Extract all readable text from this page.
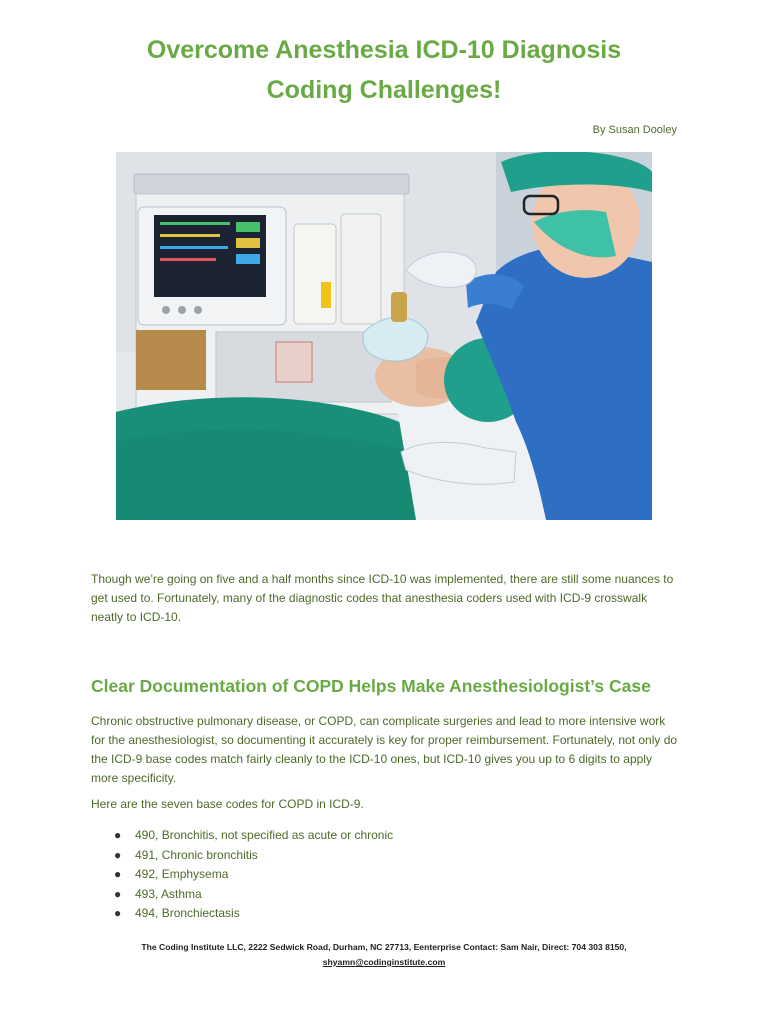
Overcome Anesthesia ICD-10 Diagnosis
Coding Challenges!
By Susan Dooley

Though we’re going on five and a half months since ICD-10 was implemented, there are still some nuances to get used to. Fortunately, many of the diagnostic codes that anesthesia coders used with ICD-9 crosswalk neatly to ICD-10.

Clear Documentation of COPD Helps Make Anesthesiologist’s Case

Chronic obstructive pulmonary disease, or COPD, can complicate surgeries and lead to more intensive work for the anesthesiologist, so documenting it accurately is key for proper reimbursement. Fortunately, not only do the ICD-9 base codes match fairly cleanly to the ICD-10 ones, but ICD-10 gives you up to 6 digits to apply more specificity.

Here are the seven base codes for COPD in ICD-9.

● 490, Bronchitis, not specified as acute or chronic
● 491, Chronic bronchitis
● 492, Emphysema
● 493, Asthma
● 494, Bronchiectasis
The Coding Institute LLC, 2222 Sedwick Road, Durham, NC 27713, Eenterprise Contact: Sam Nair, Direct: 704 303 8150,
shyamn@codinginstitute.com
